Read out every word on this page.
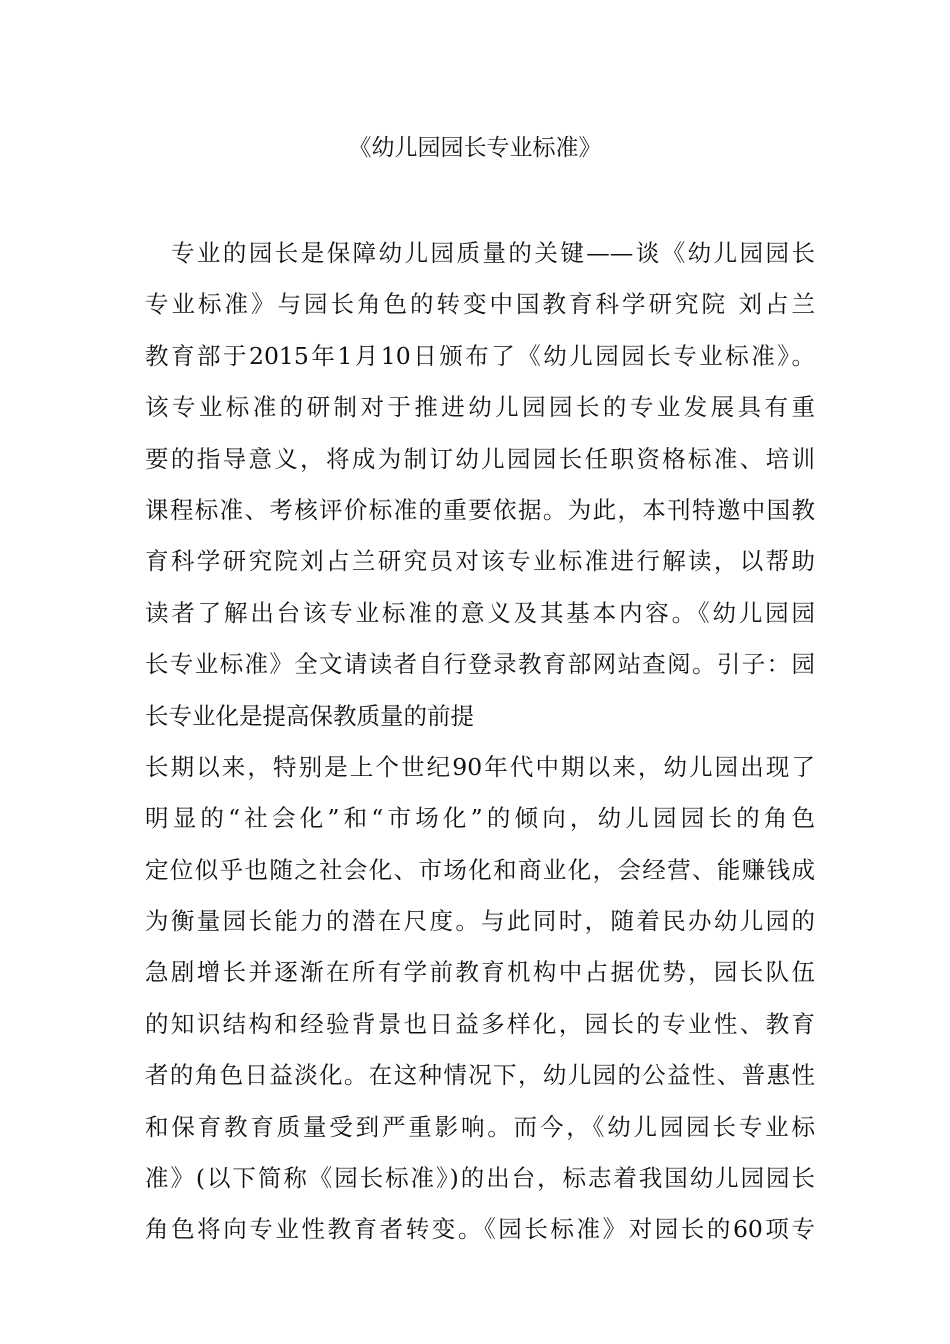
《幼儿园园长专业标准》
　专业的园长是保障幼儿园质量的关键——谈《幼儿园园长
专业标准》与园长角色的转变中国教育科学研究院 刘占兰
教育部于2015年1月10日颁布了《幼儿园园长专业标准》。
该专业标准的研制对于推进幼儿园园长的专业发展具有重
要的指导意义，将成为制订幼儿园园长任职资格标准、培训
课程标准、考核评价标准的重要依据。为此，本刊特邀中国教
育科学研究院刘占兰研究员对该专业标准进行解读，以帮助
读者了解出台该专业标准的意义及其基本内容。《幼儿园园
长专业标准》全文请读者自行登录教育部网站查阅。引子：园
长专业化是提高保教质量的前提
长期以来，特别是上个世纪90年代中期以来，幼儿园出现了
明显的“社会化”和“市场化”的倾向，幼儿园园长的角色
定位似乎也随之社会化、市场化和商业化，会经营、能赚钱成
为衡量园长能力的潜在尺度。与此同时，随着民办幼儿园的
急剧增长并逐渐在所有学前教育机构中占据优势，园长队伍
的知识结构和经验背景也日益多样化，园长的专业性、教育
者的角色日益淡化。在这种情况下，幼儿园的公益性、普惠性
和保育教育质量受到严重影响。而今，《幼儿园园长专业标
准》(以下简称《园长标准》)的出台，标志着我国幼儿园园长
角色将向专业性教育者转变。《园长标准》对园长的60项专
